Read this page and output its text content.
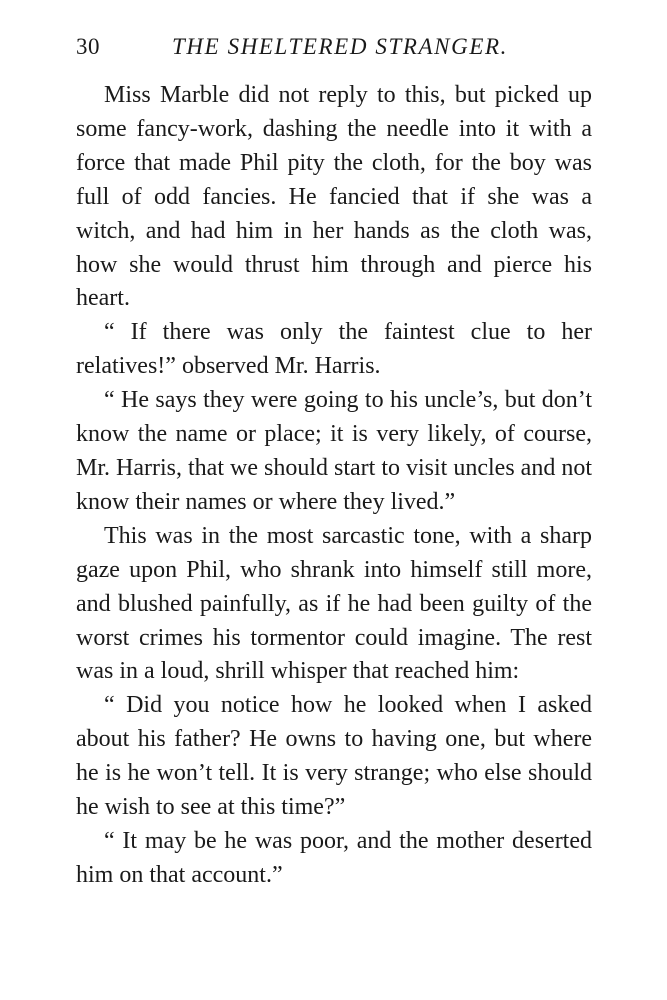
30	THE SHELTERED STRANGER.

Miss Marble did not reply to this, but picked up some fancy-work, dashing the needle into it with a force that made Phil pity the cloth, for the boy was full of odd fancies. He fancied that if she was a witch, and had him in her hands as the cloth was, how she would thrust him through and pierce his heart.

“ If there was only the faintest clue to her relatives!” observed Mr. Harris.

“ He says they were going to his uncle’s, but don’t know the name or place; it is very likely, of course, Mr. Harris, that we should start to visit uncles and not know their names or where they lived.”

This was in the most sarcastic tone, with a sharp gaze upon Phil, who shrank into himself still more, and blushed painfully, as if he had been guilty of the worst crimes his tormentor could imagine. The rest was in a loud, shrill whisper that reached him:

“ Did you notice how he looked when I asked about his father? He owns to having one, but where he is he won’t tell. It is very strange; who else should he wish to see at this time?”

“ It may be he was poor, and the mother deserted him on that account.”
